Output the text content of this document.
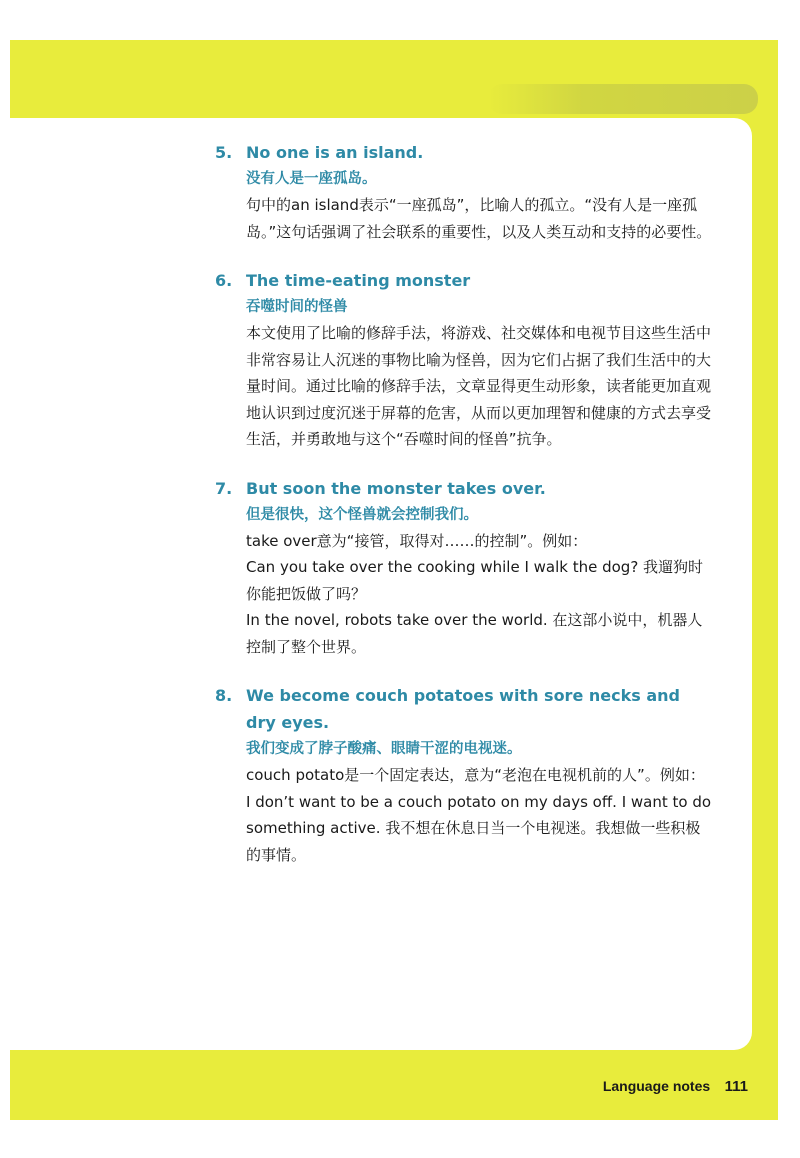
5. No one is an island.
没有人是一座孤岛。
句中的an island表示“一座孤岛”，比喻人的孤立。“没有人是一座孤岛。”这句话强调了社会联系的重要性，以及人类互动和支持的必要性。
6. The time-eating monster
吞噬时间的怪兽
本文使用了比喻的修辞手法，将游戏、社交媒体和电视节目这些生活中非常容易让人沉迷的事物比喻为怪兽，因为它们占据了我们生活中的大量时间。通过比喻的修辞手法，文章显得更生动形象，读者能更加直观地认识到过度沉迷于屏幕的危害，从而以更加理智和健康的方式去享受生活，并勇敢地与这个“吞噬时间的怪兽”抗争。
7. But soon the monster takes over.
但是很快，这个怪兽就会控制我们。
take over意为“接管，取得对……的控制”。例如：
Can you take over the cooking while I walk the dog? 我遛狗时你能把饭做了吗？
In the novel, robots take over the world. 在这部小说中，机器人控制了整个世界。
8. We become couch potatoes with sore necks and dry eyes.
我们变成了脖子酸痛、眼睛干涩的电视迷。
couch potato是一个固定表达，意为“老泡在电视机前的人”。例如：
I don’t want to be a couch potato on my days off. I want to do something active. 我不想在休息日当一个电视迷。我想做一些积极的事情。
Language notes 111
